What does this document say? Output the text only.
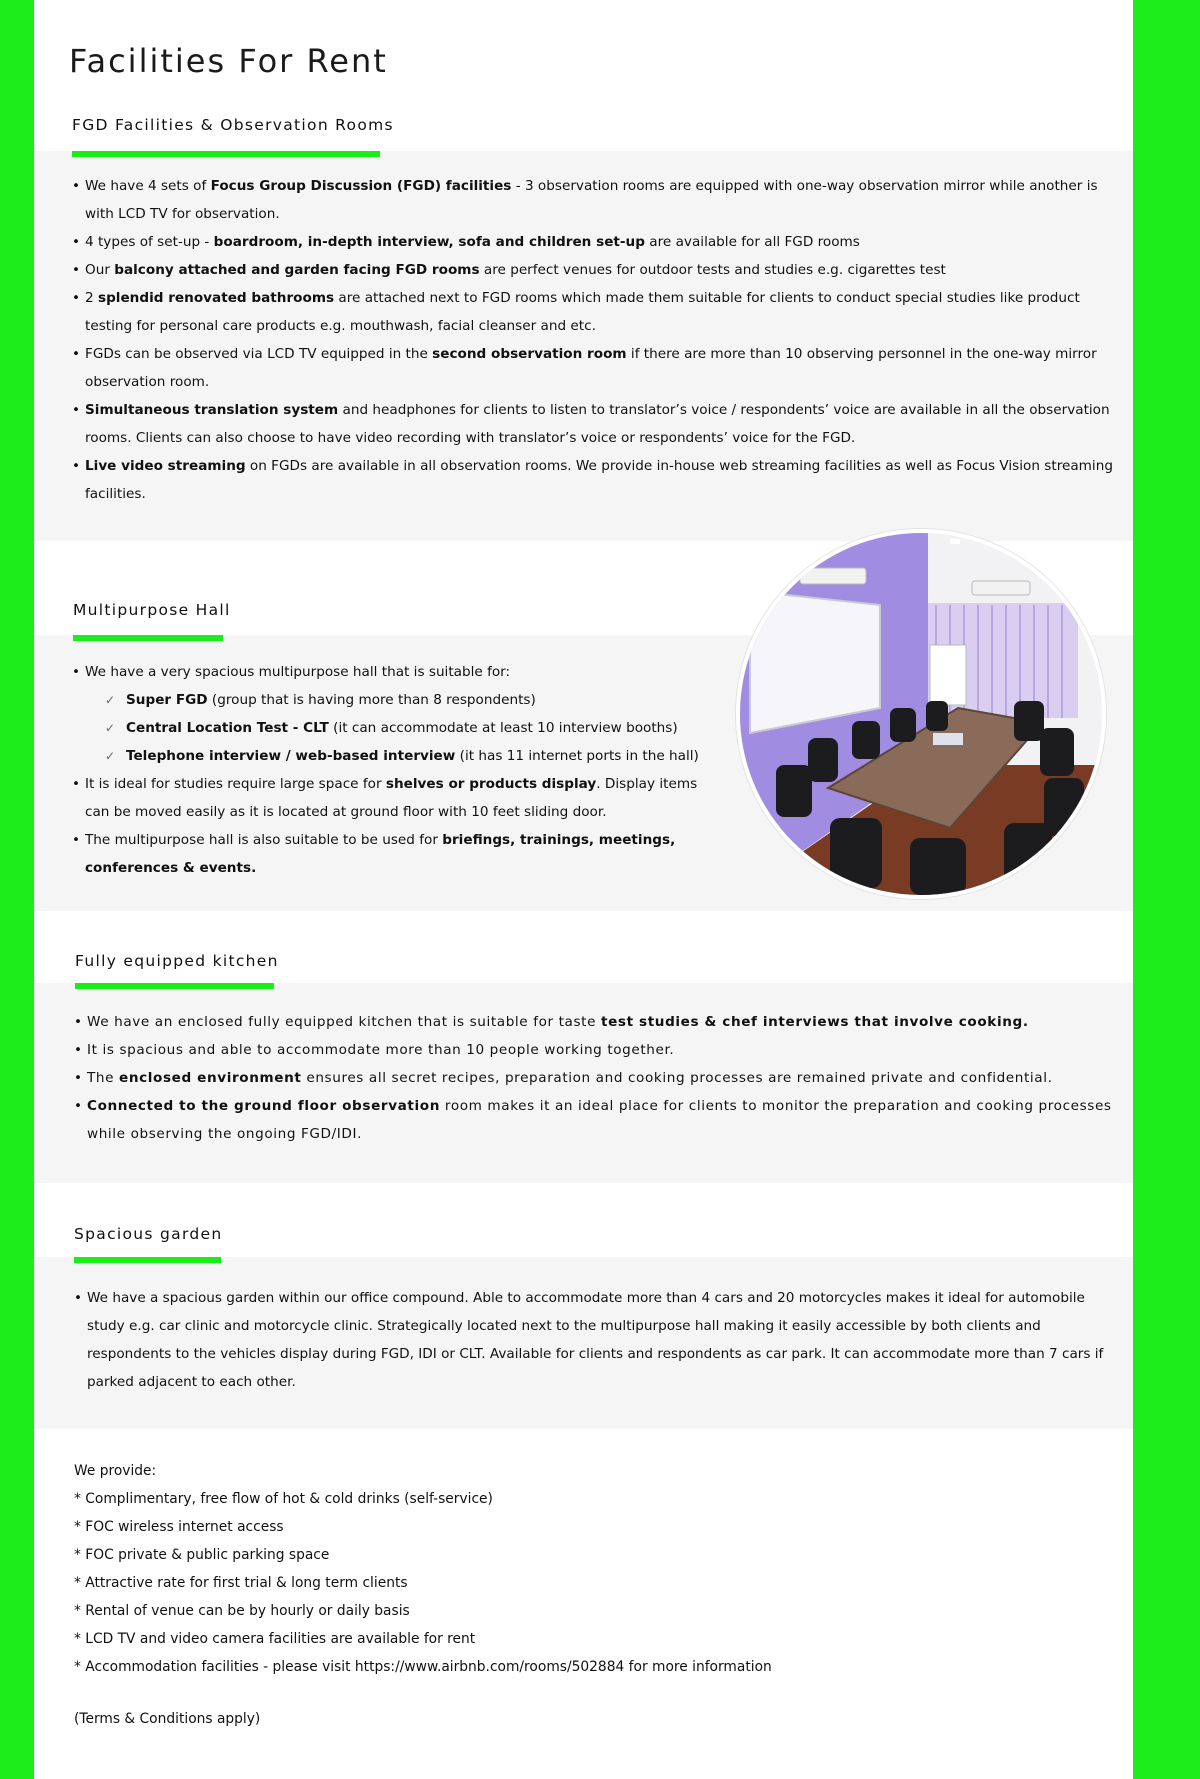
Facilities For Rent
FGD Facilities & Observation Rooms
• We have 4 sets of Focus Group Discussion (FGD) facilities - 3 observation rooms are equipped with one-way observation mirror while another is with LCD TV for observation.
• 4 types of set-up - boardroom, in-depth interview, sofa and children set-up are available for all FGD rooms
• Our balcony attached and garden facing FGD rooms are perfect venues for outdoor tests and studies e.g. cigarettes test
• 2 splendid renovated bathrooms are attached next to FGD rooms which made them suitable for clients to conduct special studies like product testing for personal care products e.g. mouthwash, facial cleanser and etc.
• FGDs can be observed via LCD TV equipped in the second observation room if there are more than 10 observing personnel in the one-way mirror observation room.
• Simultaneous translation system and headphones for clients to listen to translator’s voice / respondents’ voice are available in all the observation rooms. Clients can also choose to have video recording with translator’s voice or respondents’ voice for the FGD.
• Live video streaming on FGDs are available in all observation rooms. We provide in-house web streaming facilities as well as Focus Vision streaming facilities.
Multipurpose Hall
• We have a very spacious multipurpose hall that is suitable for:
✓ Super FGD (group that is having more than 8 respondents)
✓ Central Location Test - CLT (it can accommodate at least 10 interview booths)
✓ Telephone interview / web-based interview (it has 11 internet ports in the hall)
• It is ideal for studies require large space for shelves or products display. Display items can be moved easily as it is located at ground floor with 10 feet sliding door.
• The multipurpose hall is also suitable to be used for briefings, trainings, meetings, conferences & events.
Fully equipped kitchen
• We have an enclosed fully equipped kitchen that is suitable for taste test studies & chef interviews that involve cooking.
• It is spacious and able to accommodate more than 10 people working together.
• The enclosed environment ensures all secret recipes, preparation and cooking processes are remained private and confidential.
• Connected to the ground floor observation room makes it an ideal place for clients to monitor the preparation and cooking processes while observing the ongoing FGD/IDI.
Spacious garden
• We have a spacious garden within our office compound. Able to accommodate more than 4 cars and 20 motorcycles makes it ideal for automobile study e.g. car clinic and motorcycle clinic. Strategically located next to the multipurpose hall making it easily accessible by both clients and respondents to the vehicles display during FGD, IDI or CLT. Available for clients and respondents as car park. It can accommodate more than 7 cars if parked adjacent to each other.
We provide:
* Complimentary, free flow of hot & cold drinks (self-service)
* FOC wireless internet access
* FOC private & public parking space
* Attractive rate for first trial & long term clients
* Rental of venue can be by hourly or daily basis
* LCD TV and video camera facilities are available for rent
* Accommodation facilities - please visit https://www.airbnb.com/rooms/502884 for more information
(Terms & Conditions apply)
